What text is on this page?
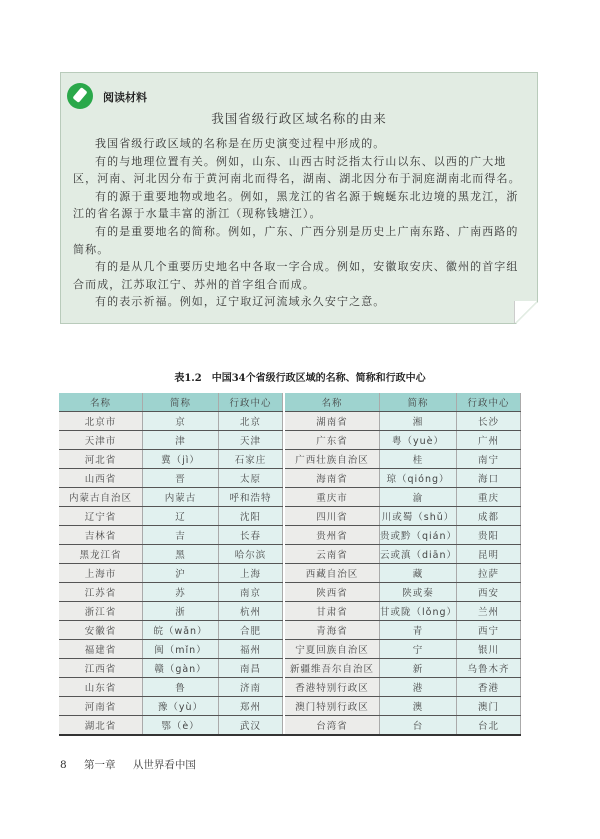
阅读材料
我国省级行政区域名称的由来

我国省级行政区域的名称是在历史演变过程中形成的。

有的与地理位置有关。例如，山东、山西古时泛指太行山以东、以西的广大地区，河南、河北因分布于黄河南北而得名，湖南、湖北因分布于洞庭湖南北而得名。

有的源于重要地物或地名。例如，黑龙江的省名源于蜿蜒东北边境的黑龙江，浙江的省名源于水量丰富的浙江（现称钱塘江）。

有的是重要地名的简称。例如，广东、广西分别是历史上广南东路、广南西路的简称。

有的是从几个重要历史地名中各取一字合成。例如，安徽取安庆、徽州的首字组合而成，江苏取江宁、苏州的首字组合而成。

有的表示祈福。例如，辽宁取辽河流域永久安宁之意。

表1.2　中国34个省级行政区域的名称、简称和行政中心
名称	简称	行政中心		名称	简称	行政中心
北京市	京	北京		湖南省	湘	长沙
天津市	津	天津		广东省	粤（yuè）	广州
河北省	冀（jì）	石家庄		广西壮族自治区	桂	南宁
山西省	晋	太原		海南省	琼（qióng）	海口
内蒙古自治区	内蒙古	呼和浩特		重庆市	渝	重庆
辽宁省	辽	沈阳		四川省	川或蜀（shǔ）	成都
吉林省	吉	长春		贵州省	贵或黔（qián）	贵阳
黑龙江省	黑	哈尔滨		云南省	云或滇（diān）	昆明
上海市	沪	上海		西藏自治区	藏	拉萨
江苏省	苏	南京		陕西省	陕或秦	西安
浙江省	浙	杭州		甘肃省	甘或陇（lǒng）	兰州
安徽省	皖（wǎn）	合肥		青海省	青	西宁
福建省	闽（mǐn）	福州		宁夏回族自治区	宁	银川
江西省	赣（gàn）	南昌		新疆维吾尔自治区	新	乌鲁木齐
山东省	鲁	济南		香港特别行政区	港	香港
河南省	豫（yù）	郑州		澳门特别行政区	澳	澳门
湖北省	鄂（è）	武汉		台湾省	台	台北
8 第一章 从世界看中国
